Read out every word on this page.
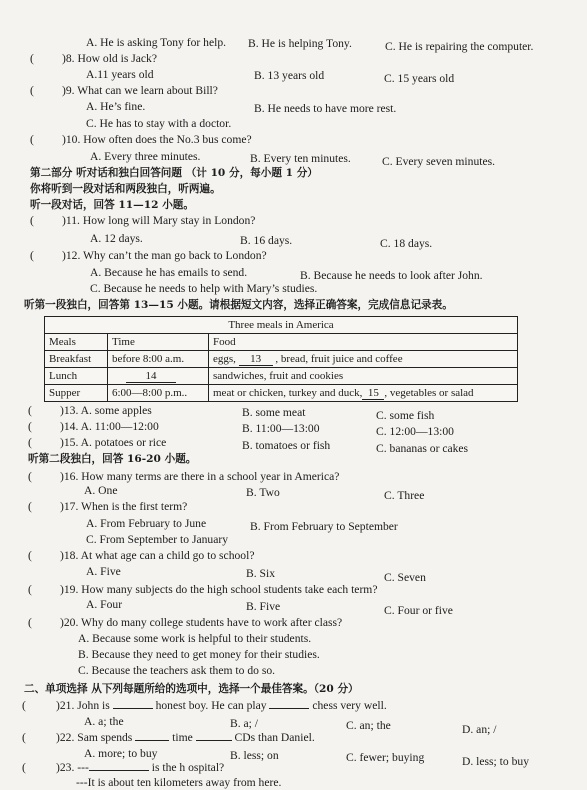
A. He is asking Tony for help. B. He is helping Tony.	C. He is repairing the computer.
( )8. How old is Jack?
A.11 years old	B. 13 years old	C. 15 years old
( )9. What can we learn about Bill?
A. He’s fine.	B. He needs to have more rest.
C. He has to stay with a doctor.
( )10. How often does the No.3 bus come?
A. Every three minutes.	B. Every ten minutes.	C. Every seven minutes.
第二部分 听对话和独白回答问题 （计 10 分，每小题 1 分）
你将听到一段对话和两段独白，听两遍。
听一段对话，回答 11—12 小题。
( )11. How long will Mary stay in London?
A. 12 days.	B. 16 days.	C. 18 days.
( )12. Why can’t the man go back to London?
A. Because he has emails to send.	B. Because he needs to look after John.
C. Because he needs to help with Mary’s studies.
听第一段独白，回答第 13—15 小题。请根据短文内容，选择正确答案，完成信息记录表。
Three meals in America		
Meals	Time	Food
Breakfast	before 8:00 a.m.	eggs, 13 , bread, fruit juice and coffee
Lunch	14	sandwiches, fruit and cookies
Supper	6:00—8:00 p.m..	meat or chicken, turkey and duck, 15 , vegetables or salad
( )13. A. some apples	B. some meat	C. some fish
( )14. A. 11:00—12:00	B. 11:00—13:00	C. 12:00—13:00
( )15. A. potatoes or rice	B. tomatoes or fish	C. bananas or cakes
听第二段独白，回答 16-20 小题。
( )16. How many terms are there in a school year in America?
A. One	B. Two	C. Three
( )17. When is the first term?
A. From February to June	B. From February to September
C. From September to January
( )18. At what age can a child go to school?
A. Five	B. Six	C. Seven
( )19. How many subjects do the high school students take each term?
A. Four	B. Five	C. Four or five
( )20. Why do many college students have to work after class?
A. Because some work is helpful to their students.
B. Because they need to get money for their studies.
C. Because the teachers ask them to do so.
二、单项选择 从下列每题所给的选项中，选择一个最佳答案。（20 分）
(	)21. John is	honest boy. He can play	chess very well.
A. a; the	B. a; /	C. an; the	D. an; /
(	)22. Sam spends	time	CDs than Daniel.
A. more; to buy	B. less; on	C. fewer; buying	D. less; to buy
(	)23. ---	is the h ospital?
---It is about ten kilometers away from here.
